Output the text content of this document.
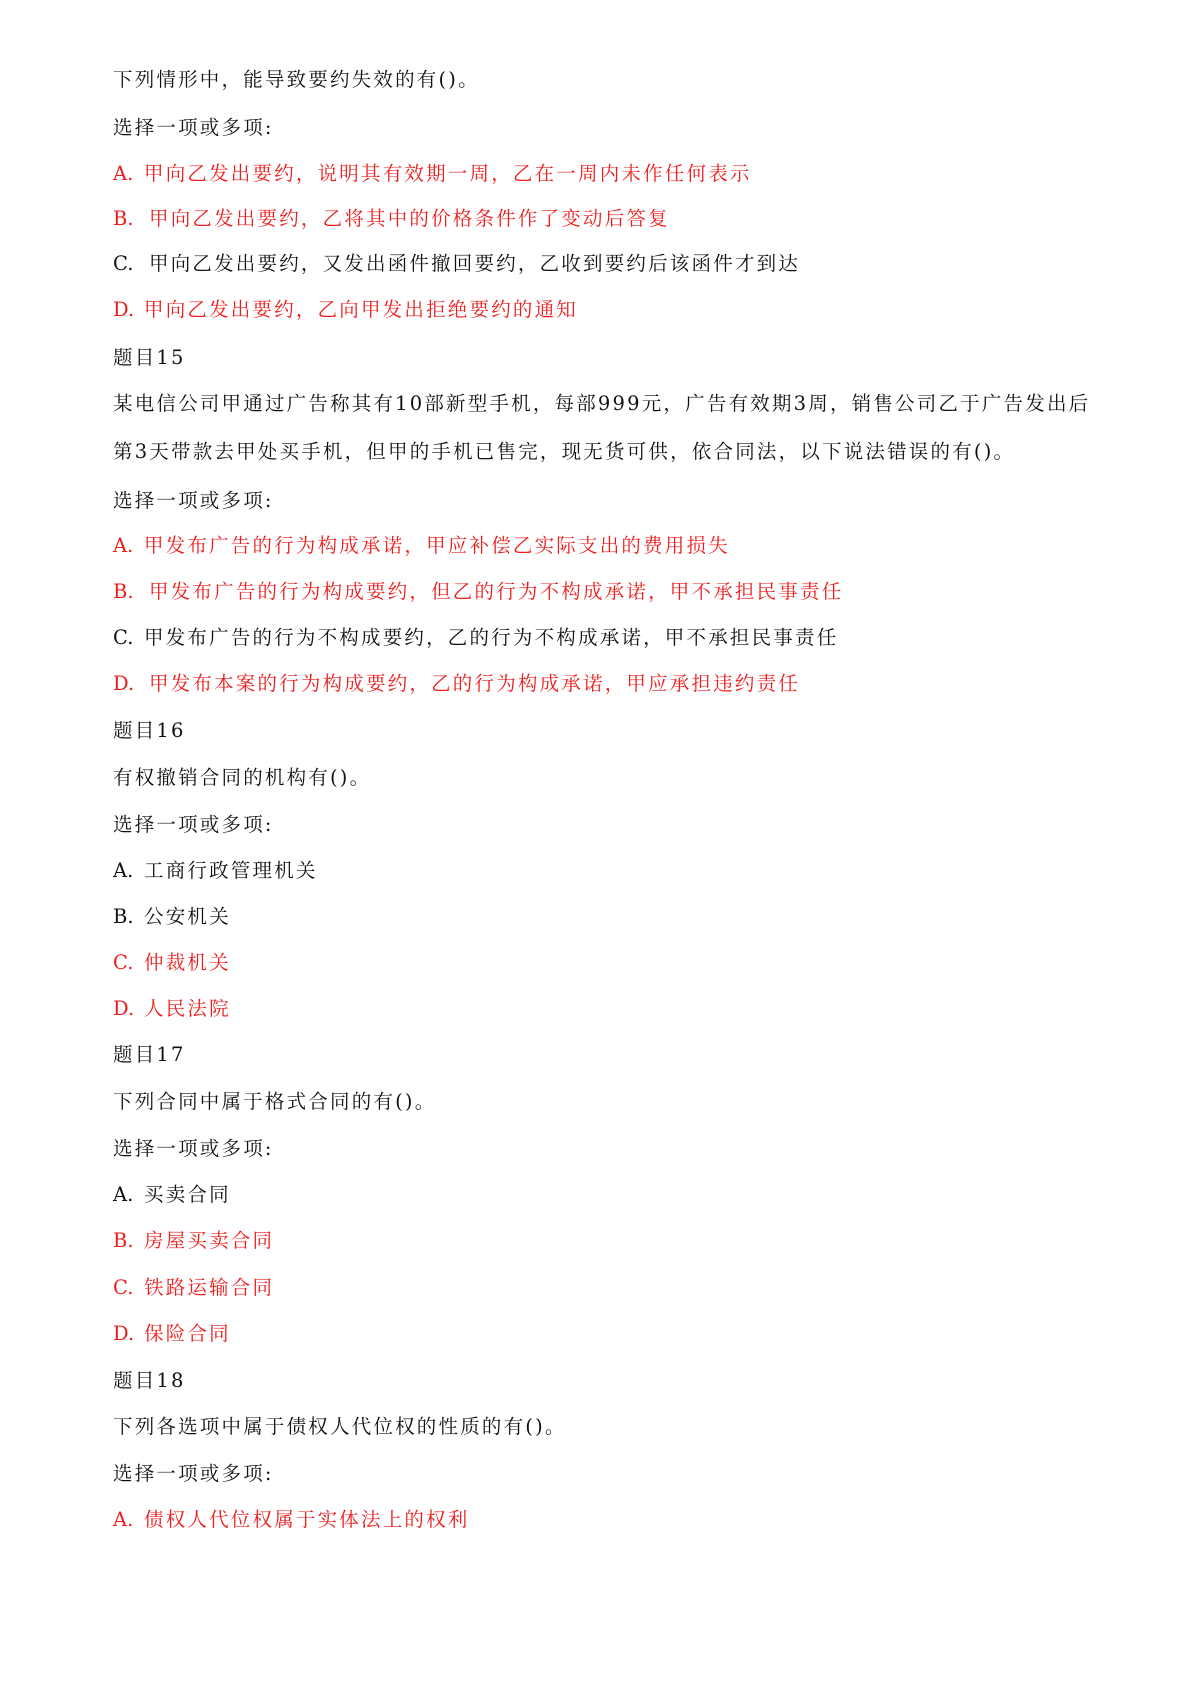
下列情形中，能导致要约失效的有()。
选择一项或多项:
A. 甲向乙发出要约，说明其有效期一周，乙在一周内未作任何表示
B. 甲向乙发出要约，乙将其中的价格条件作了变动后答复
C. 甲向乙发出要约，又发出函件撤回要约，乙收到要约后该函件才到达
D. 甲向乙发出要约，乙向甲发出拒绝要约的通知
题目15
某电信公司甲通过广告称其有10部新型手机，每部999元，广告有效期3周，销售公司乙于广告发出后
第3天带款去甲处买手机，但甲的手机已售完，现无货可供，依合同法，以下说法错误的有()。
选择一项或多项:
A. 甲发布广告的行为构成承诺，甲应补偿乙实际支出的费用损失
B. 甲发布广告的行为构成要约，但乙的行为不构成承诺，甲不承担民事责任
C. 甲发布广告的行为不构成要约，乙的行为不构成承诺，甲不承担民事责任
D. 甲发布本案的行为构成要约，乙的行为构成承诺，甲应承担违约责任
题目16
有权撤销合同的机构有()。
选择一项或多项:
A. 工商行政管理机关
B. 公安机关
C. 仲裁机关
D. 人民法院
题目17
下列合同中属于格式合同的有()。
选择一项或多项:
A. 买卖合同
B. 房屋买卖合同
C. 铁路运输合同
D. 保险合同
题目18
下列各选项中属于债权人代位权的性质的有()。
选择一项或多项:
A. 债权人代位权属于实体法上的权利
